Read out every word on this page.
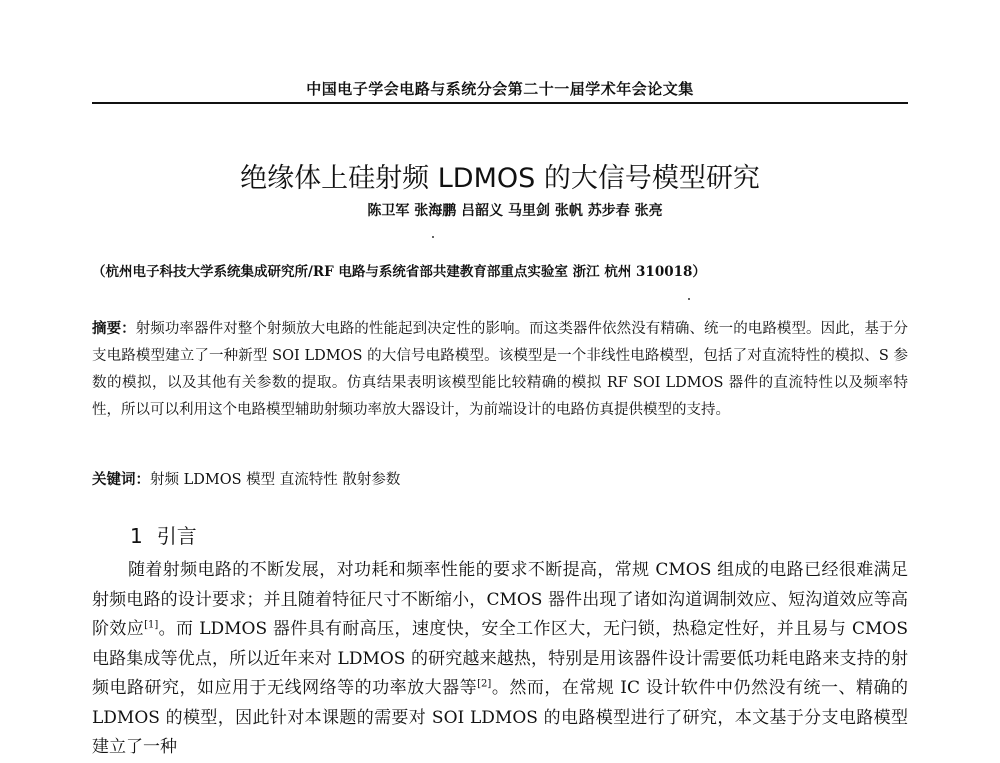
中国电子学会电路与系统分会第二十一届学术年会论文集
绝缘体上硅射频 LDMOS 的大信号模型研究
陈卫军 张海鹏 吕韶义 马里剑 张帆 苏步春 张亮
（杭州电子科技大学系统集成研究所/RF 电路与系统省部共建教育部重点实验室 浙江 杭州 310018）
摘要：射频功率器件对整个射频放大电路的性能起到决定性的影响。而这类器件依然没有精确、统一的电路模型。因此，基于分支电路模型建立了一种新型 SOI LDMOS 的大信号电路模型。该模型是一个非线性电路模型，包括了对直流特性的模拟、S 参数的模拟，以及其他有关参数的提取。仿真结果表明该模型能比较精确的模拟 RF SOI LDMOS 器件的直流特性以及频率特性，所以可以利用这个电路模型辅助射频功率放大器设计，为前端设计的电路仿真提供模型的支持。
关键词：射频 LDMOS 模型 直流特性 散射参数
1 引言
随着射频电路的不断发展，对功耗和频率性能的要求不断提高，常规 CMOS 组成的电路已经很难满足射频电路的设计要求；并且随着特征尺寸不断缩小，CMOS 器件出现了诸如沟道调制效应、短沟道效应等高阶效应[1]。而 LDMOS 器件具有耐高压，速度快，安全工作区大，无闩锁，热稳定性好，并且易与 CMOS 电路集成等优点，所以近年来对 LDMOS 的研究越来越热，特别是用该器件设计需要低功耗电路来支持的射频电路研究，如应用于无线网络等的功率放大器等[2]。然而，在常规 IC 设计软件中仍然没有统一、精确的 LDMOS 的模型，因此针对本课题的需要对 SOI LDMOS 的电路模型进行了研究，本文基于分支电路模型建立了一种
